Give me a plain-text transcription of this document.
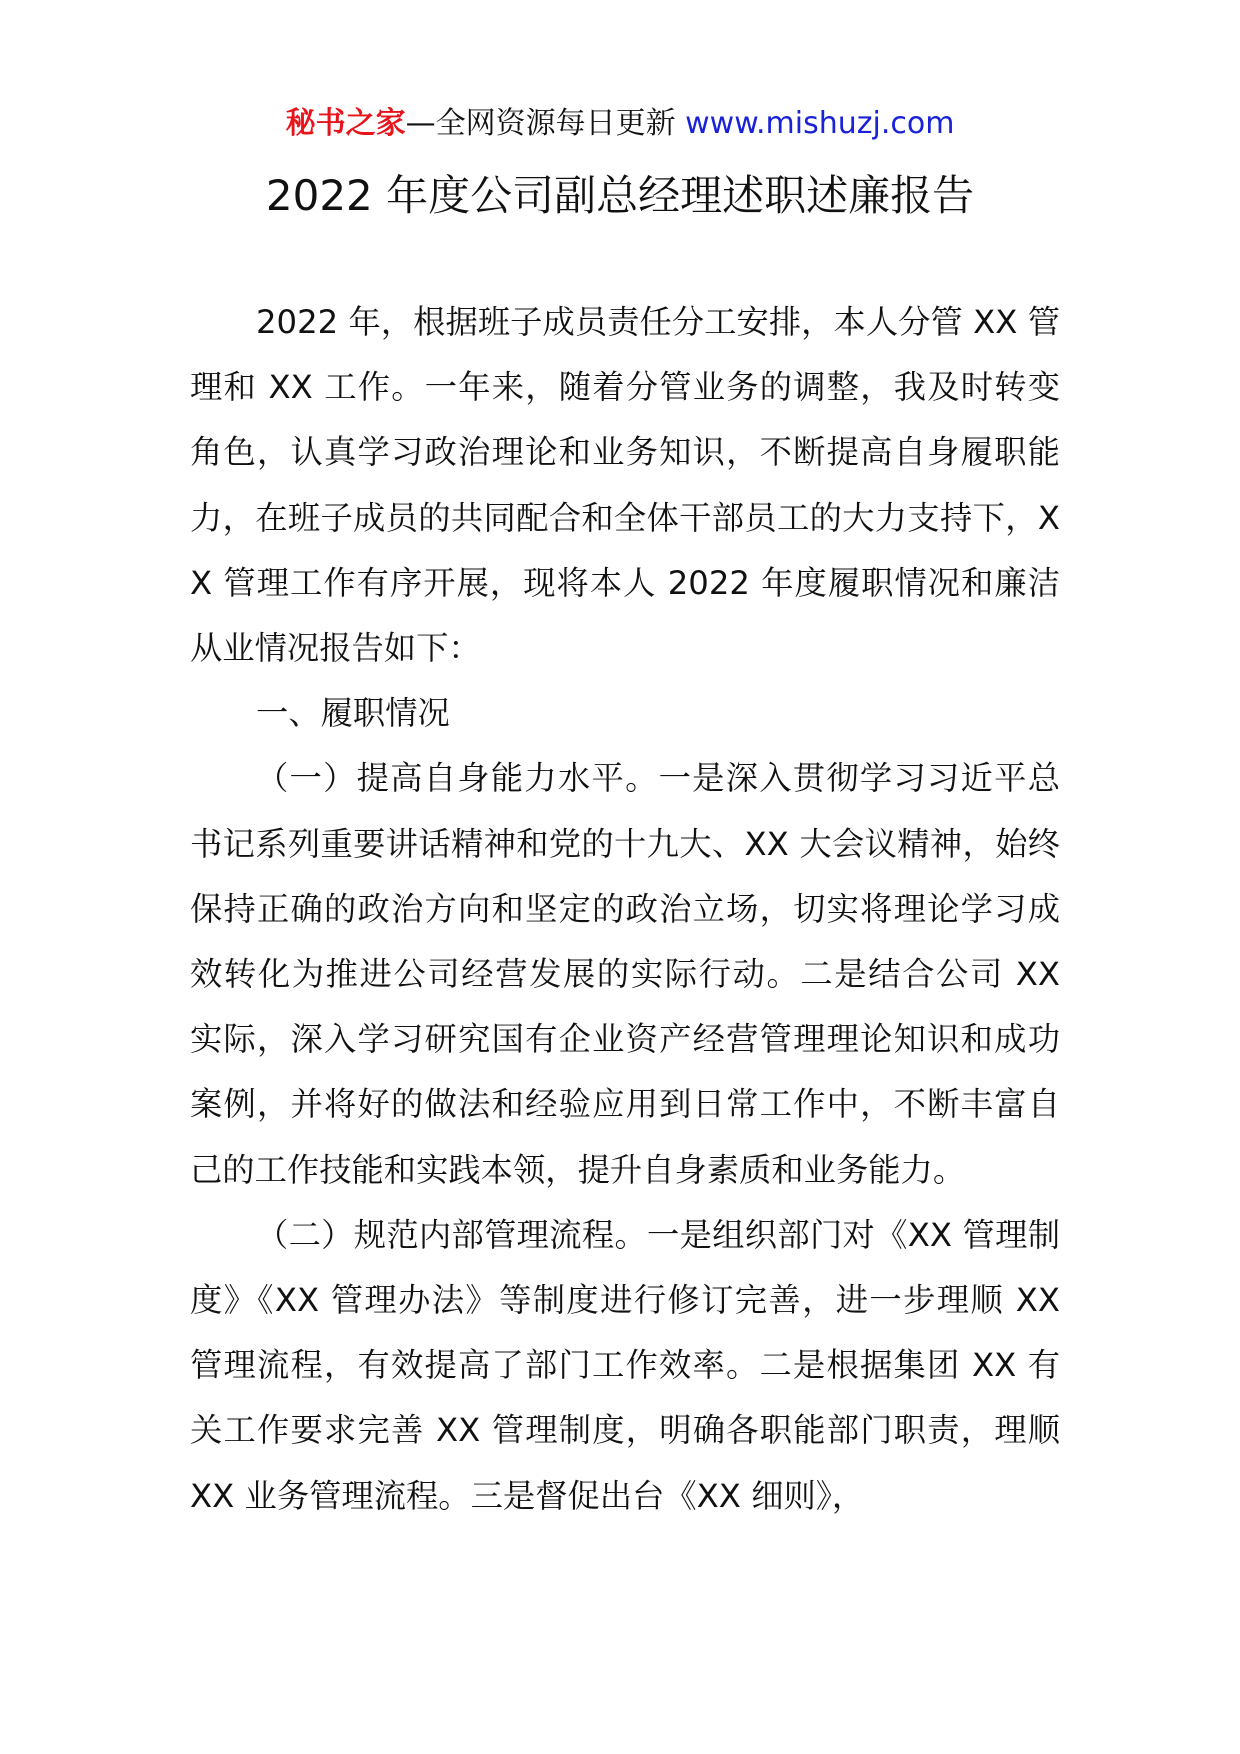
秘书之家—全网资源每日更新 www.mishuzj.com
2022 年度公司副总经理述职述廉报告

2022 年，根据班子成员责任分工安排，本人分管 XX 管理和 XX 工作。一年来，随着分管业务的调整，我及时转变角色，认真学习政治理论和业务知识，不断提高自身履职能力，在班子成员的共同配合和全体干部员工的大力支持下，XX 管理工作有序开展，现将本人 2022 年度履职情况和廉洁从业情况报告如下：

一、履职情况

（一）提高自身能力水平。一是深入贯彻学习习近平总书记系列重要讲话精神和党的十九大、XX 大会议精神，始终保持正确的政治方向和坚定的政治立场，切实将理论学习成效转化为推进公司经营发展的实际行动。二是结合公司 XX 实际，深入学习研究国有企业资产经营管理理论知识和成功案例，并将好的做法和经验应用到日常工作中，不断丰富自己的工作技能和实践本领，提升自身素质和业务能力。

（二）规范内部管理流程。一是组织部门对《XX 管理制度》《XX 管理办法》等制度进行修订完善，进一步理顺 XX 管理流程，有效提高了部门工作效率。二是根据集团 XX 有关工作要求完善 XX 管理制度，明确各职能部门职责，理顺 XX 业务管理流程。三是督促出台《XX 细则》，
